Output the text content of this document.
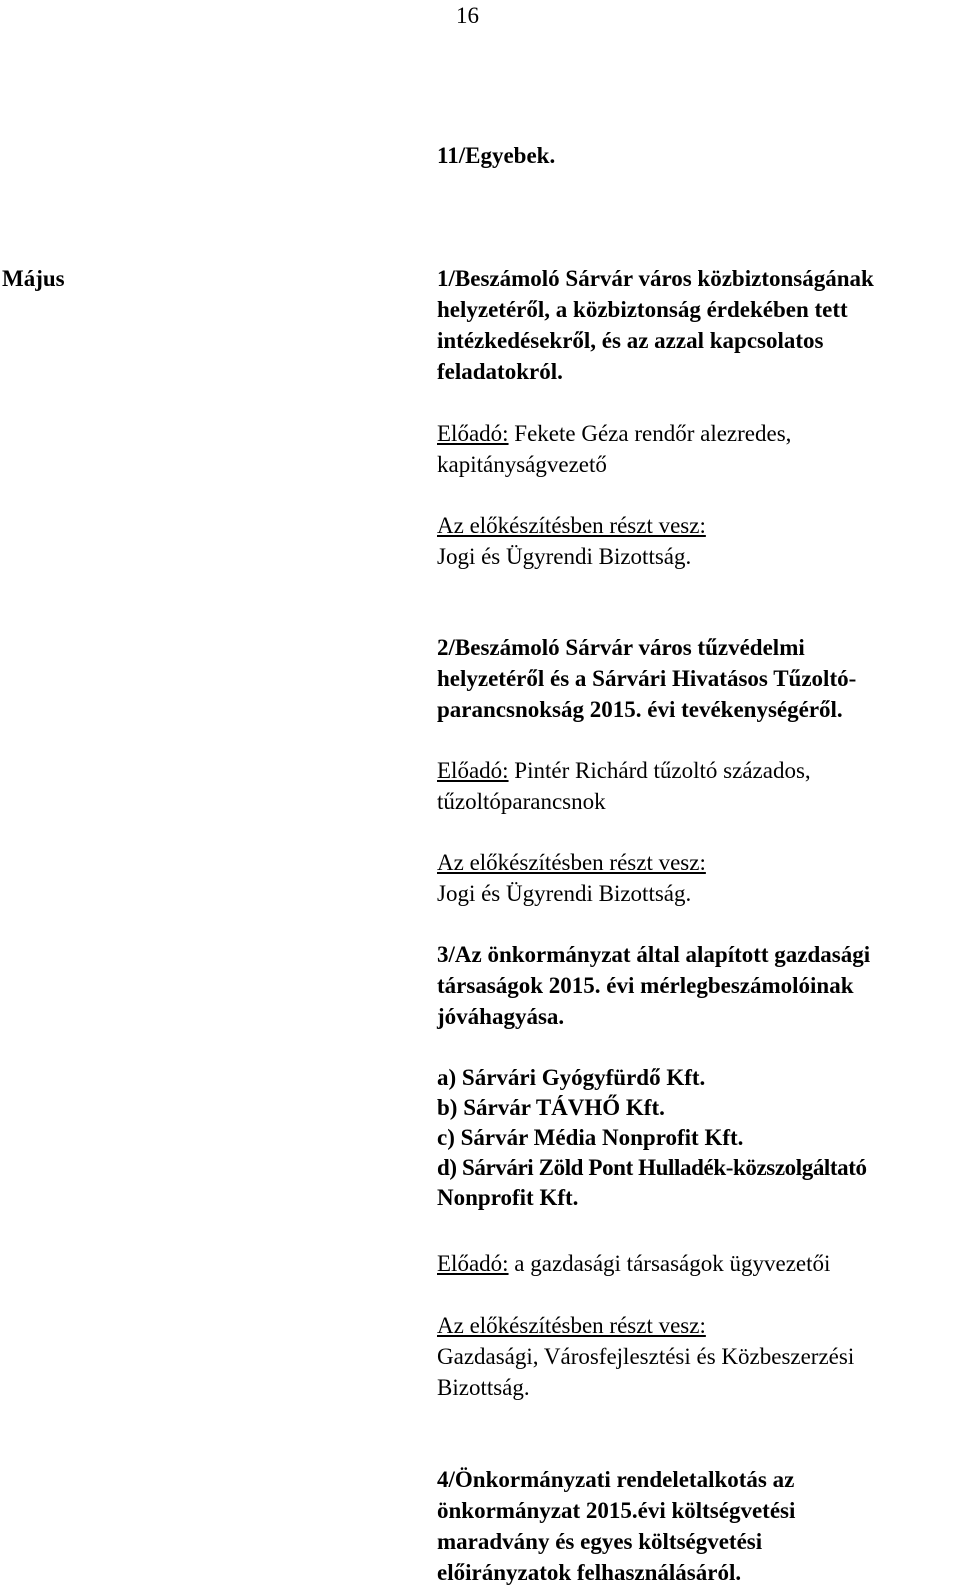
16
11/Egyebek.
Május	1/Beszámoló Sárvár város közbiztonságának
helyzetéről, a közbiztonság érdekében tett
intézkedésekről, és az azzal kapcsolatos
feladatokról.
Előadó: Fekete Géza rendőr alezredes,
kapitányságvezető
Az előkészítésben részt vesz:
Jogi és Ügyrendi Bizottság.
2/Beszámoló Sárvár város tűzvédelmi
helyzetéről és a Sárvári Hivatásos Tűzoltó-
parancsnokság 2015. évi tevékenységéről.
Előadó: Pintér Richárd tűzoltó százados,
tűzoltóparancsnok
Az előkészítésben részt vesz:
Jogi és Ügyrendi Bizottság.
3/Az önkormányzat által alapított gazdasági
társaságok 2015. évi mérlegbeszámolóinak
jóváhagyása.
a) Sárvári Gyógyfürdő Kft.
b) Sárvár TÁVHŐ Kft.
c) Sárvár Média Nonprofit Kft.
d) Sárvári Zöld Pont Hulladék-közszolgáltató
Nonprofit Kft.
Előadó: a gazdasági társaságok ügyvezetői
Az előkészítésben részt vesz:
Gazdasági, Városfejlesztési és Közbeszerzési
Bizottság.
4/Önkormányzati rendeletalkotás az
önkormányzat 2015.évi költségvetési
maradvány és egyes költségvetési
előirányzatok felhasználásáról.
